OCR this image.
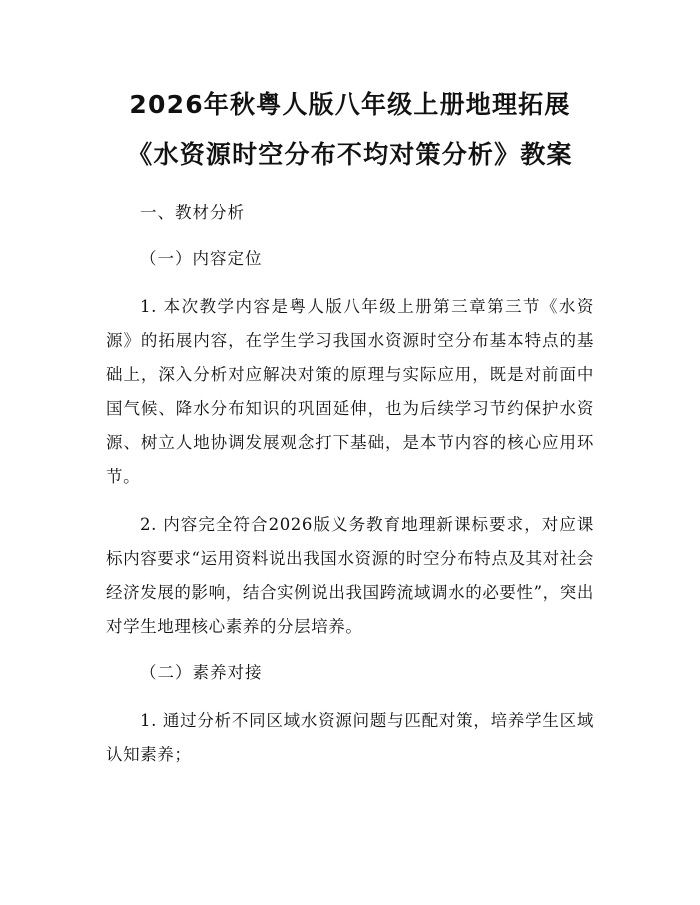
2026年秋粤人版八年级上册地理拓展《水资源时空分布不均对策分析》教案

一、教材分析

（一）内容定位

1. 本次教学内容是粤人版八年级上册第三章第三节《水资源》的拓展内容，在学生学习我国水资源时空分布基本特点的基础上，深入分析对应解决对策的原理与实际应用，既是对前面中国气候、降水分布知识的巩固延伸，也为后续学习节约保护水资源、树立人地协调发展观念打下基础，是本节内容的核心应用环节。

2. 内容完全符合2026版义务教育地理新课标要求，对应课标内容要求“运用资料说出我国水资源的时空分布特点及其对社会经济发展的影响，结合实例说出我国跨流域调水的必要性”，突出对学生地理核心素养的分层培养。

（二）素养对接

1. 通过分析不同区域水资源问题与匹配对策，培养学生区域认知素养；
